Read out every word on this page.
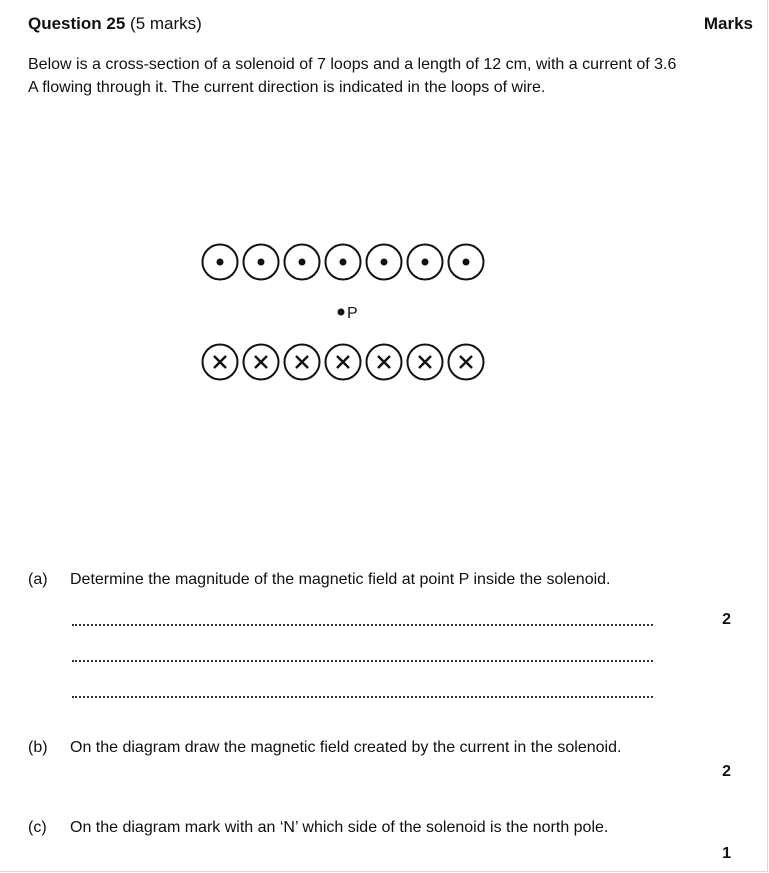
Question 25 (5 marks)	Marks
Below is a cross-section of a solenoid of 7 loops and a length of 12 cm, with a current of 3.6 A flowing through it. The current direction is indicated in the loops of wire.
P
(a) Determine the magnitude of the magnetic field at point P inside the solenoid.
2
(b) On the diagram draw the magnetic field created by the current in the solenoid.
2
(c) On the diagram mark with an ‘N’ which side of the solenoid is the north pole.
1
